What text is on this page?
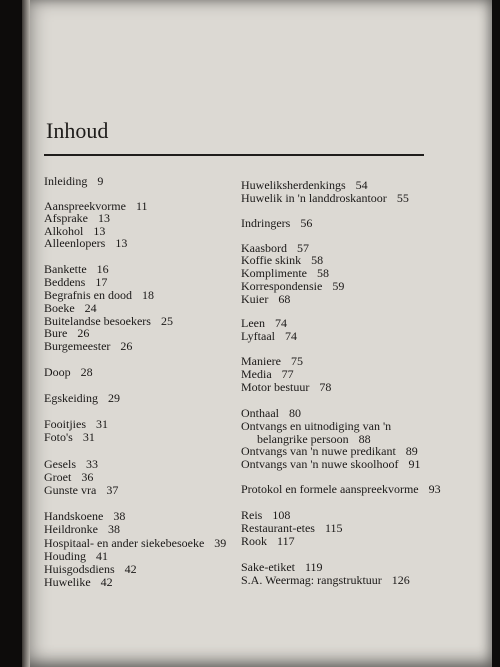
Inhoud
Inleiding 9
Aanspreekvorme 11
Afsprake 13
Alkohol 13
Alleenlopers 13
Bankette 16
Beddens 17
Begrafnis en dood 18
Boeke 24
Buitelandse besoekers 25
Bure 26
Burgemeester 26
Doop 28
Egskeiding 29
Fooitjies 31
Foto's 31
Gesels 33
Groet 36
Gunste vra 37
Handskoene 38
Heildronke 38
Hospitaal- en ander siekebesoeke 39
Houding 41
Huisgodsdiens 42
Huwelike 42
Huweliksherdenkings 54
Huwelik in 'n landdroskantoor 55
Indringers 56
Kaasbord 57
Koffie skink 58
Komplimente 58
Korrespondensie 59
Kuier 68
Leen 74
Lyftaal 74
Maniere 75
Media 77
Motor bestuur 78
Onthaal 80
Ontvangs en uitnodiging van 'n
belangrike persoon 88
Ontvangs van 'n nuwe predikant 89
Ontvangs van 'n nuwe skoolhoof 91
Protokol en formele aanspreekvorme 93
Reis 108
Restaurant-etes 115
Rook 117
Sake-etiket 119
S.A. Weermag: rangstruktuur 126
